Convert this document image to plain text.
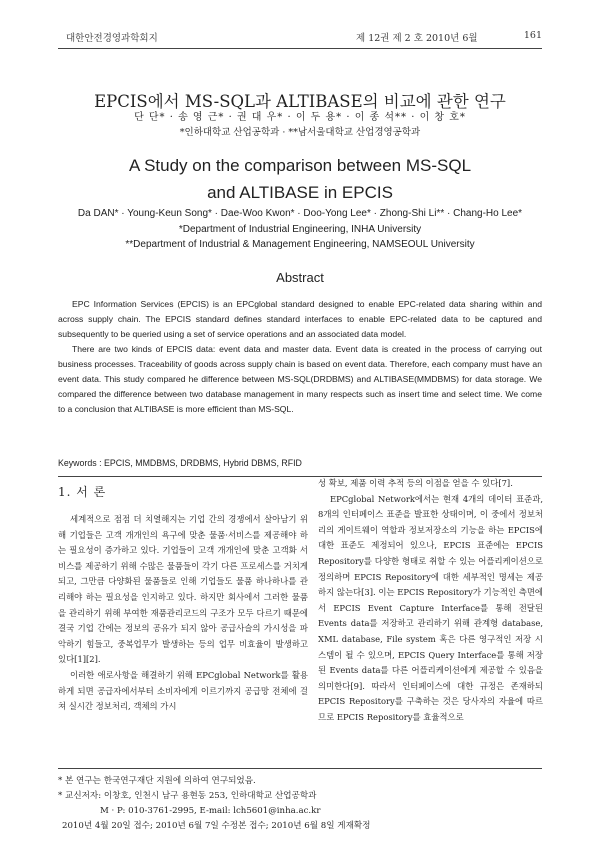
대한안전경영과학회지	제 12권 제 2 호 2010년 6월	161
EPCIS에서 MS-SQL과 ALTIBASE의 비교에 관한 연구
단 단* · 송 영 근* · 권 대 우* · 이 두 용* · 이 종 석** · 이 창 호*
*인하대학교 산업공학과 · **남서울대학교 산업경영공학과
A Study on the comparison between MS-SQL
and ALTIBASE in EPCIS
Da DAN* · Young-Keun Song* · Dae-Woo Kwon* · Doo-Yong Lee* · Zhong-Shi Li** · Chang-Ho Lee*
*Department of Industrial Engineering, INHA University
**Department of Industrial & Management Engineering, NAMSEOUL University
Abstract

EPC Information Services (EPCIS) is an EPCglobal standard designed to enable EPC-related data sharing within and across supply chain. The EPCIS standard defines standard interfaces to enable EPC-related data to be captured and subsequently to be queried using a set of service operations and an associated data model.

There are two kinds of EPCIS data: event data and master data. Event data is created in the process of carrying out business processes. Traceability of goods across supply chain is based on event data. Therefore, each company must have an event data. This study compared he difference between MS-SQL(DRDBMS) and ALTIBASE(MMDBMS) for data storage. We compared the difference between two database management in many respects such as insert time and select time. We come to a conclusion that ALTIBASE is more efficient than MS-SQL.

Keywords : EPCIS, MMDBMS, DRDBMS, Hybrid DBMS, RFID
1. 서 론

세계적으로 점점 더 치열해지는 기업 간의 경쟁에서 살아남기 위해 기업들은 고객 개개인의 욕구에 맞춘 물품·서비스를 제공해야 하는 필요성이 증가하고 있다. 기업들이 고객 개개인에 맞춘 고객화 서비스를 제공하기 위해 수많은 물품들이 각기 다른 프로세스를 거치게 되고, 그만큼 다양화된 물품들로 인해 기업들도 물품 하나하나를 관리해야 하는 필요성을 인지하고 있다. 하지만 회사에서 그러한 물품을 관리하기 위해 부여한 재품관리코드의 구조가 모두 다르기 때문에 결국 기업 간에는 정보의 공유가 되지 않아 공급사슬의 가시성을 파악하기 힘들고, 중복업무가 발생하는 등의 업무 비효율이 발생하고 있다[1][2].

이러한 애로사항을 해결하기 위해 EPCglobal Network를 활용하게 되면 공급자에서부터 소비자에게 이르기까지 공급망 전체에 걸쳐 실시간 정보처리, 객체의 가시

성 확보, 제품 이력 추적 등의 이점을 얻을 수 있다[7].

EPCglobal Network에서는 현재 4개의 데이터 표준과, 8개의 인터페이스 표준을 발표한 상태이며, 이 중에서 정보처리의 게이트웨이 역할과 정보저장소의 기능을 하는 EPCIS에 대한 표준도 제정되어 있으나, EPCIS 표준에는 EPCIS Repository를 다양한 형태로 취할 수 있는 어플리케이션으로 정의하며 EPCIS Repository에 대한 세부적인 명세는 제공하지 않는다[3]. 이는 EPCIS Repository가 기능적인 측면에서 EPCIS Event Capture Interface를 통해 전달된 Events data를 저장하고 관리하기 위해 관계형 database, XML database, File system 혹은 다른 영구적인 저장 시스템이 될 수 있으며, EPCIS Query Interface를 통해 저장된 Events data를 다른 어플리케이션에게 제공할 수 있음을 의미한다[9]. 따라서 인터페이스에 대한 규정은 존재하되 EPCIS Repository를 구축하는 것은 당사자의 자율에 따르므로 EPCIS Repository를 효율적으로

* 본 연구는 한국연구재단 지원에 의하여 연구되었음.
* 교신저자: 이창호, 인천시 남구 용현동 253, 인하대학교 산업공학과
M · P: 010-3761-2995, E-mail: lch5601@inha.ac.kr
2010년 4월 20일 접수; 2010년 6월 7일 수정본 접수; 2010년 6월 8일 게재확정
